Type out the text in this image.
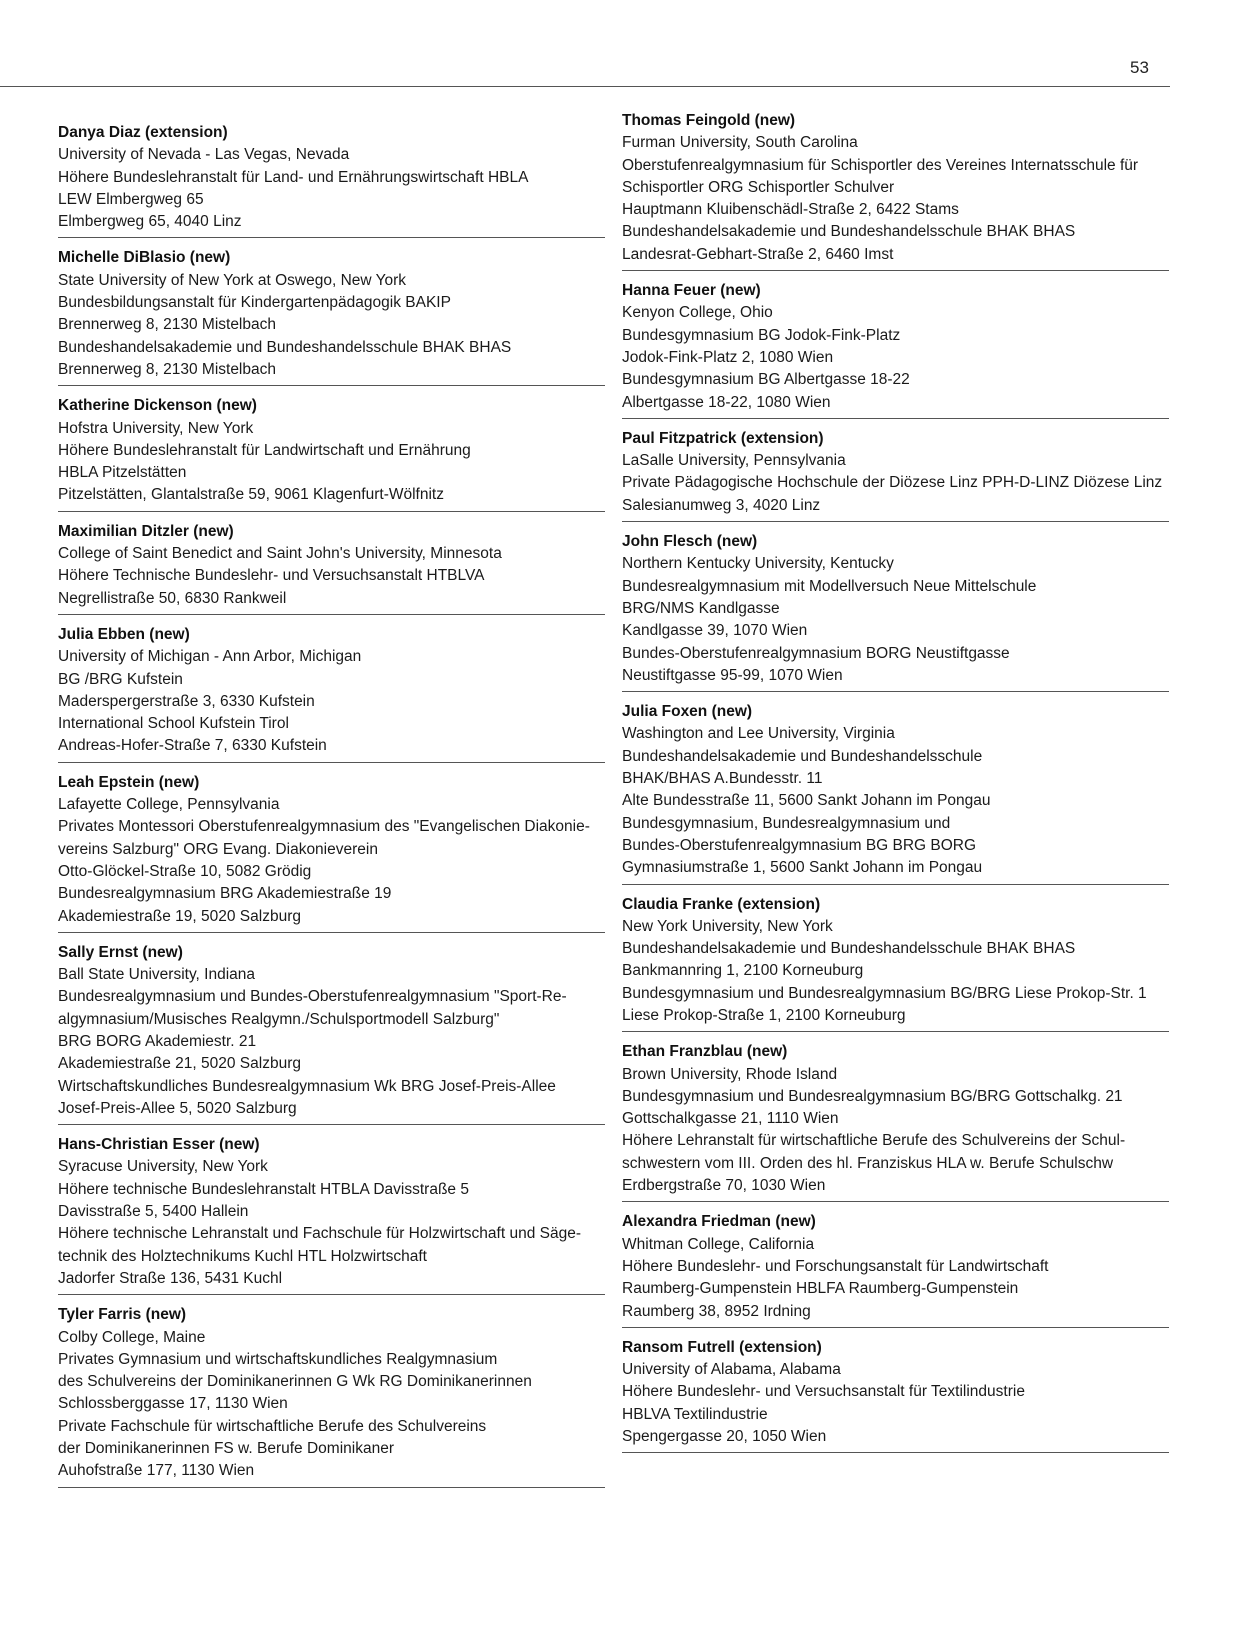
53
Danya Diaz (extension)
University of Nevada - Las Vegas, Nevada
Höhere Bundeslehranstalt für Land- und Ernährungswirtschaft HBLA
LEW Elmbergweg 65
Elmbergweg 65, 4040 Linz
Michelle DiBlasio (new)
State University of New York at Oswego, New York
Bundesbildungsanstalt für Kindergartenpädagogik BAKIP
Brennerweg 8, 2130 Mistelbach
Bundeshandelsakademie und Bundeshandelsschule BHAK BHAS
Brennerweg 8, 2130 Mistelbach
Katherine Dickenson (new)
Hofstra University, New York
Höhere Bundeslehranstalt für Landwirtschaft und Ernährung
HBLA Pitzelstätten
Pitzelstätten, Glantalstraße 59, 9061 Klagenfurt-Wölfnitz
Maximilian Ditzler (new)
College of Saint Benedict and Saint John's University, Minnesota
Höhere Technische Bundeslehr- und Versuchsanstalt HTBLVA
Negrellistraße 50, 6830 Rankweil
Julia Ebben (new)
University of Michigan - Ann Arbor, Michigan
BG /BRG Kufstein
Maderspergerstraße 3, 6330 Kufstein
International School Kufstein Tirol
Andreas-Hofer-Straße 7, 6330 Kufstein
Leah Epstein (new)
Lafayette College, Pennsylvania
Privates Montessori Oberstufenrealgymnasium des "Evangelischen Diakonie-
vereins Salzburg" ORG Evang. Diakonieverein
Otto-Glöckel-Straße 10, 5082 Grödig
Bundesrealgymnasium BRG Akademiestraße 19
Akademiestraße 19, 5020 Salzburg
Sally Ernst (new)
Ball State University, Indiana
Bundesrealgymnasium und Bundes-Oberstufenrealgymnasium "Sport-Re-
algymnasium/Musisches Realgymn./Schulsportmodell Salzburg"
BRG BORG Akademiestr. 21
Akademiestraße 21, 5020 Salzburg
Wirtschaftskundliches Bundesrealgymnasium Wk BRG Josef-Preis-Allee
Josef-Preis-Allee 5, 5020 Salzburg
Hans-Christian Esser (new)
Syracuse University, New York
Höhere technische Bundeslehranstalt HTBLA Davisstraße 5
Davisstraße 5, 5400 Hallein
Höhere technische Lehranstalt und Fachschule für Holzwirtschaft und Säge-
technik des Holztechnikums Kuchl HTL Holzwirtschaft
Jadorfer Straße 136, 5431 Kuchl
Tyler Farris (new)
Colby College, Maine
Privates Gymnasium und wirtschaftskundliches Realgymnasium
des Schulvereins der Dominikanerinnen G Wk RG Dominikanerinnen
Schlossberggasse 17, 1130 Wien
Private Fachschule für wirtschaftliche Berufe des Schulvereins
der Dominikanerinnen FS w. Berufe Dominikaner
Auhofstraße 177, 1130 Wien
Thomas Feingold (new)
Furman University, South Carolina
Oberstufenrealgymnasium für Schisportler des Vereines Internatsschule für
Schisportler ORG Schisportler Schulver
Hauptmann Kluibenschädl-Straße 2, 6422 Stams
Bundeshandelsakademie und Bundeshandelsschule BHAK BHAS
Landesrat-Gebhart-Straße 2, 6460 Imst
Hanna Feuer (new)
Kenyon College, Ohio
Bundesgymnasium BG Jodok-Fink-Platz
Jodok-Fink-Platz 2, 1080 Wien
Bundesgymnasium BG Albertgasse 18-22
Albertgasse 18-22, 1080 Wien
Paul Fitzpatrick (extension)
LaSalle University, Pennsylvania
Private Pädagogische Hochschule der Diözese Linz PPH-D-LINZ Diözese Linz
Salesianumweg 3, 4020 Linz
John Flesch (new)
Northern Kentucky University, Kentucky
Bundesrealgymnasium mit Modellversuch Neue Mittelschule
BRG/NMS Kandlgasse
Kandlgasse 39, 1070 Wien
Bundes-Oberstufenrealgymnasium BORG Neustiftgasse
Neustiftgasse 95-99, 1070 Wien
Julia Foxen (new)
Washington and Lee University, Virginia
Bundeshandelsakademie und Bundeshandelsschule
BHAK/BHAS A.Bundesstr. 11
Alte Bundesstraße 11, 5600 Sankt Johann im Pongau
Bundesgymnasium, Bundesrealgymnasium und
Bundes-Oberstufenrealgymnasium BG BRG BORG
Gymnasiumstraße 1, 5600 Sankt Johann im Pongau
Claudia Franke (extension)
New York University, New York
Bundeshandelsakademie und Bundeshandelsschule BHAK BHAS
Bankmannring 1, 2100 Korneuburg
Bundesgymnasium und Bundesrealgymnasium BG/BRG Liese Prokop-Str. 1
Liese Prokop-Straße 1, 2100 Korneuburg
Ethan Franzblau (new)
Brown University, Rhode Island
Bundesgymnasium und Bundesrealgymnasium BG/BRG Gottschalkg. 21
Gottschalkgasse 21, 1110 Wien
Höhere Lehranstalt für wirtschaftliche Berufe des Schulvereins der Schul-
schwestern vom III. Orden des hl. Franziskus HLA w. Berufe Schulschw
Erdbergstraße 70, 1030 Wien
Alexandra Friedman (new)
Whitman College, California
Höhere Bundeslehr- und Forschungsanstalt für Landwirtschaft
Raumberg-Gumpenstein HBLFA Raumberg-Gumpenstein
Raumberg 38, 8952 Irdning
Ransom Futrell (extension)
University of Alabama, Alabama
Höhere Bundeslehr- und Versuchsanstalt für Textilindustrie
HBLVA Textilindustrie
Spengergasse 20, 1050 Wien
